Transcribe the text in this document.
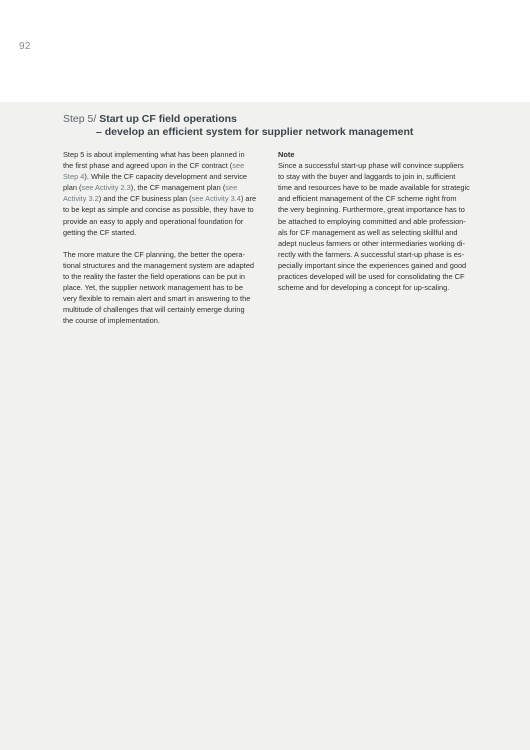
92
Step 5/ Start up CF field operations
– develop an efficient system for supplier network management

Step 5 is about implementing what has been planned in

the first phase and agreed upon in the CF contract (see

Step 4). While the CF capacity development and service

plan (see Activity 2.3), the CF management plan (see

Activity 3.2) and the CF business plan (see Activity 3.4) are

to be kept as simple and concise as possible, they have to

provide an easy to apply and operational foundation for

getting the CF started.

The more mature the CF planning, the better the opera-

tional structures and the management system are adapted

to the reality the faster the field operations can be put in

place. Yet, the supplier network management has to be

very flexible to remain alert and smart in answering to the

multitude of challenges that will certainly emerge during

the course of implementation.

Note

Since a successful start-up phase will convince suppliers

to stay with the buyer and laggards to join in, sufficient

time and resources have to be made available for strategic

and efficient management of the CF scheme right from

the very beginning. Furthermore, great importance has to

be attached to employing committed and able profession-

als for CF management as well as selecting skillful and

adept nucleus farmers or other intermediaries working di-

rectly with the farmers. A successful start-up phase is es-

pecially important since the experiences gained and good

practices developed will be used for consolidating the CF

scheme and for developing a concept for up-scaling.
